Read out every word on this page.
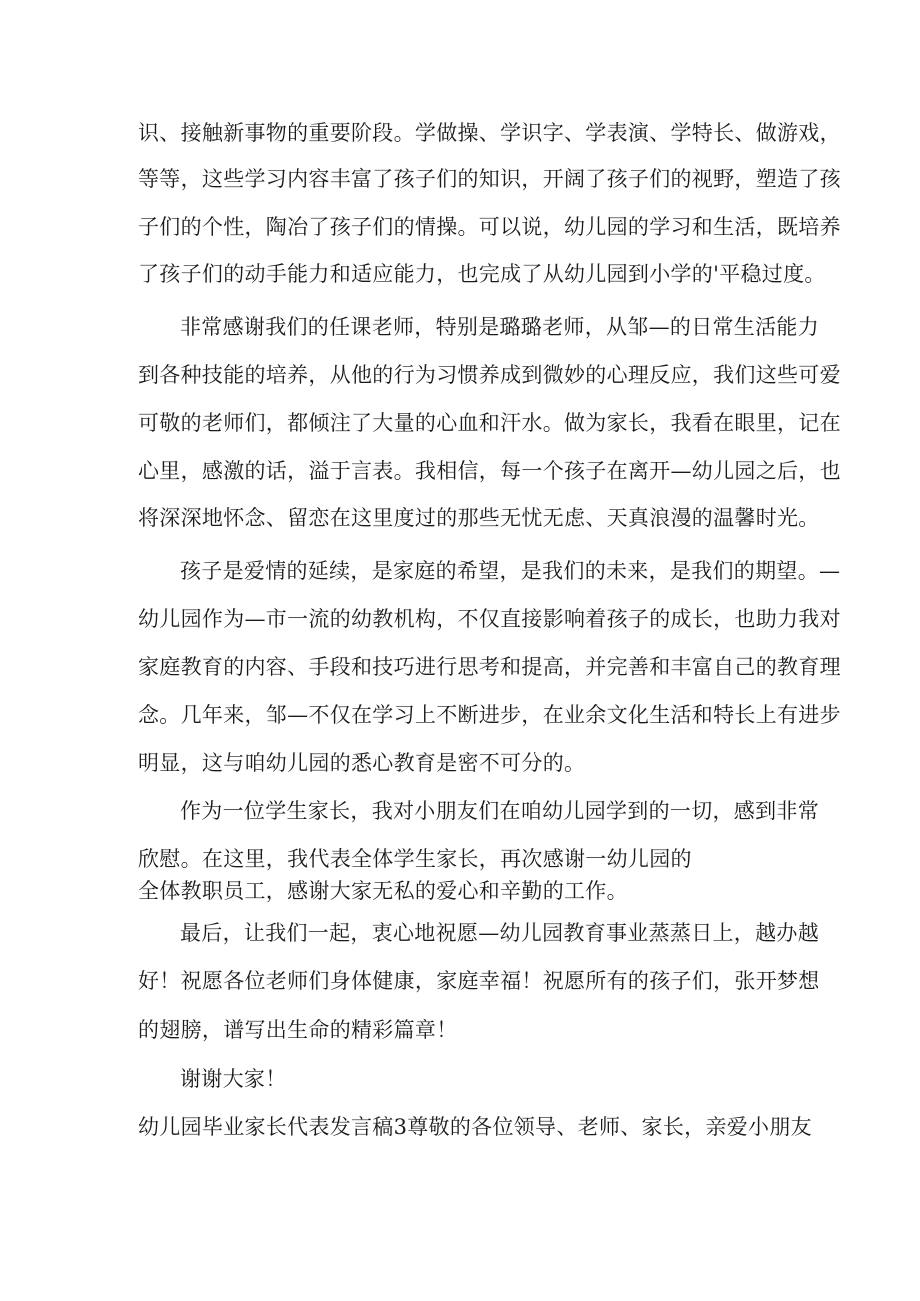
识、接触新事物的重要阶段。学做操、学识字、学表演、学特长、做游戏，
等等，这些学习内容丰富了孩子们的知识，开阔了孩子们的视野，塑造了孩
子们的个性，陶冶了孩子们的情操。可以说，幼儿园的学习和生活，既培养
了孩子们的动手能力和适应能力，也完成了从幼儿园到小学的'平稳过度。
非常感谢我们的任课老师，特别是璐璐老师，从邹—的日常生活能力
到各种技能的培养，从他的行为习惯养成到微妙的心理反应，我们这些可爱
可敬的老师们，都倾注了大量的心血和汗水。做为家长，我看在眼里，记在
心里，感激的话，溢于言表。我相信，每一个孩子在离开—幼儿园之后，也
将深深地怀念、留恋在这里度过的那些无忧无虑、天真浪漫的温馨时光。
孩子是爱情的延续，是家庭的希望，是我们的未来，是我们的期望。—
幼儿园作为—市一流的幼教机构，不仅直接影响着孩子的成长，也助力我对
家庭教育的内容、手段和技巧进行思考和提高，并完善和丰富自己的教育理
念。几年来，邹—不仅在学习上不断进步，在业余文化生活和特长上有进步
明显，这与咱幼儿园的悉心教育是密不可分的。
作为一位学生家长，我对小朋友们在咱幼儿园学到的一切，感到非常
欣慰。在这里，我代表全体学生家长，再次感谢一幼儿园的
全体教职员工，感谢大家无私的爱心和辛勤的工作。
最后，让我们一起，衷心地祝愿—幼儿园教育事业蒸蒸日上，越办越
好！祝愿各位老师们身体健康，家庭幸福！祝愿所有的孩子们，张开梦想
的翅膀，谱写出生命的精彩篇章！
谢谢大家！
幼儿园毕业家长代表发言稿3尊敬的各位领导、老师、家长，亲爱小朋友
